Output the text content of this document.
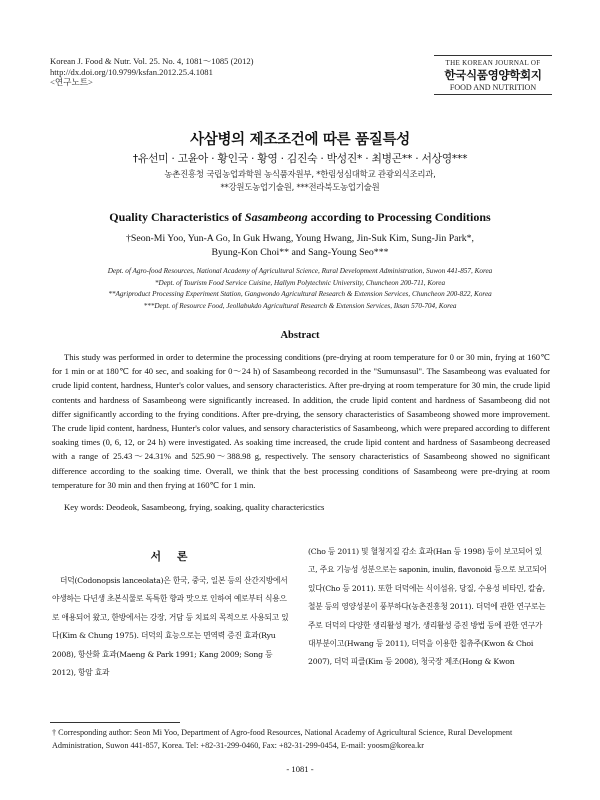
Korean J. Food & Nutr. Vol. 25. No. 4, 1081～1085 (2012)
http://dx.doi.org/10.9799/ksfan.2012.25.4.1081
<연구노트>
THE KOREAN JOURNAL OF
한국식품영양학회지
FOOD AND NUTRITION
사삼병의 제조조건에 따른 품질특성
†유선미 · 고윤아 · 황인국 · 황영 · 김진숙 · 박성진* · 최병곤** · 서상영***
농촌진흥청 국립농업과학원 농식품자원부, *한림성심대학교 관광외식조리과,
**강원도농업기술원, ***전라북도농업기술원
Quality Characteristics of Sasambeong according to Processing Conditions
†Seon-Mi Yoo, Yun-A Go, In Guk Hwang, Young Hwang, Jin-Suk Kim, Sung-Jin Park*,
Byung-Kon Choi** and Sang-Young Seo***
Dept. of Agro-food Resources, National Academy of Agricultural Science, Rural Development Administration, Suwon 441-857, Korea
*Dept. of Tourism Food Service Cuisine, Hallym Polytechnic University, Chuncheon 200-711, Korea
**Agriproduct Processing Experiment Station, Gangwondo Agricultural Research & Extension Services, Chuncheon 200-822, Korea
***Dept. of Resource Food, Jeollabukdo Agricultural Research & Extension Services, Iksan 570-704, Korea
Abstract

This study was performed in order to determine the processing conditions (pre-drying at room temperature for 0 or 30 min, frying at 160℃ for 1 min or at 180℃ for 40 sec, and soaking for 0～24 h) of Sasambeong recorded in the "Sumunsasul". The Sasambeong was evaluated for crude lipid content, hardness, Hunter's color values, and sensory characteristics. After pre-drying at room temperature for 30 min, the crude lipid contents and hardness of Sasambeong were significantly increased. In addition, the crude lipid content and hardness of Sasambeong did not differ significantly according to the frying conditions. After pre-drying, the sensory characteristics of Sasambeong showed more improvement. The crude lipid content, hardness, Hunter's color values, and sensory characteristics of Sasambeong, which were prepared according to different soaking times (0, 6, 12, or 24 h) were investigated. As soaking time increased, the crude lipid content and hardness of Sasambeong decreased with a range of 25.43～24.31% and 525.90～388.98 g, respectively. The sensory characteristics of Sasambeong showed no significant difference according to the soaking time. Overall, we think that the best processing conditions of Sasambeong were pre-drying at room temperature for 30 min and then frying at 160℃ for 1 min.

Key words: Deodeok, Sasambeong, frying, soaking, quality charactericstics
서 론

더덕(Codonopsis lanceolata)은 한국, 중국, 일본 등의 산간지방에서 야생하는 다년생 초본식물로 독특한 향과 맛으로 인하여 예로부터 식용으로 애용되어 왔고, 한방에서는 강장, 거담 등 치료의 목적으로 사용되고 있다(Kim & Chung 1975). 더덕의 효능으로는 면역력 증진 효과(Ryu 2008), 항산화 효과(Maeng & Park 1991; Kang 2009; Song 등 2012), 항암 효과

(Cho 등 2011) 및 혈청지질 감소 효과(Han 등 1998) 등이 보고되어 있고, 주요 기능성 성분으로는 saponin, inulin, flavonoid 등으로 보고되어 있다(Cho 등 2011). 또한 더덕에는 식이섬유, 당질, 수용성 비타민, 칼슘, 철분 등의 영양성분이 풍부하다(농촌진흥청 2011). 더덕에 관한 연구로는 주로 더덕의 다양한 생리활성 평가, 생리활성 증진 방법 등에 관한 연구가 대부분이고(Hwang 등 2011), 더덕을 이용한 칩츄주(Kwon & Choi 2007), 더덕 피클(Kim 등 2008), 청국장 제조(Hong & Kwon

† Corresponding author: Seon Mi Yoo, Department of Agro-food Resources, National Academy of Agricultural Science, Rural Development Administration, Suwon 441-857, Korea. Tel: +82-31-299-0460, Fax: +82-31-299-0454, E-mail: yoosm@korea.kr
- 1081 -
